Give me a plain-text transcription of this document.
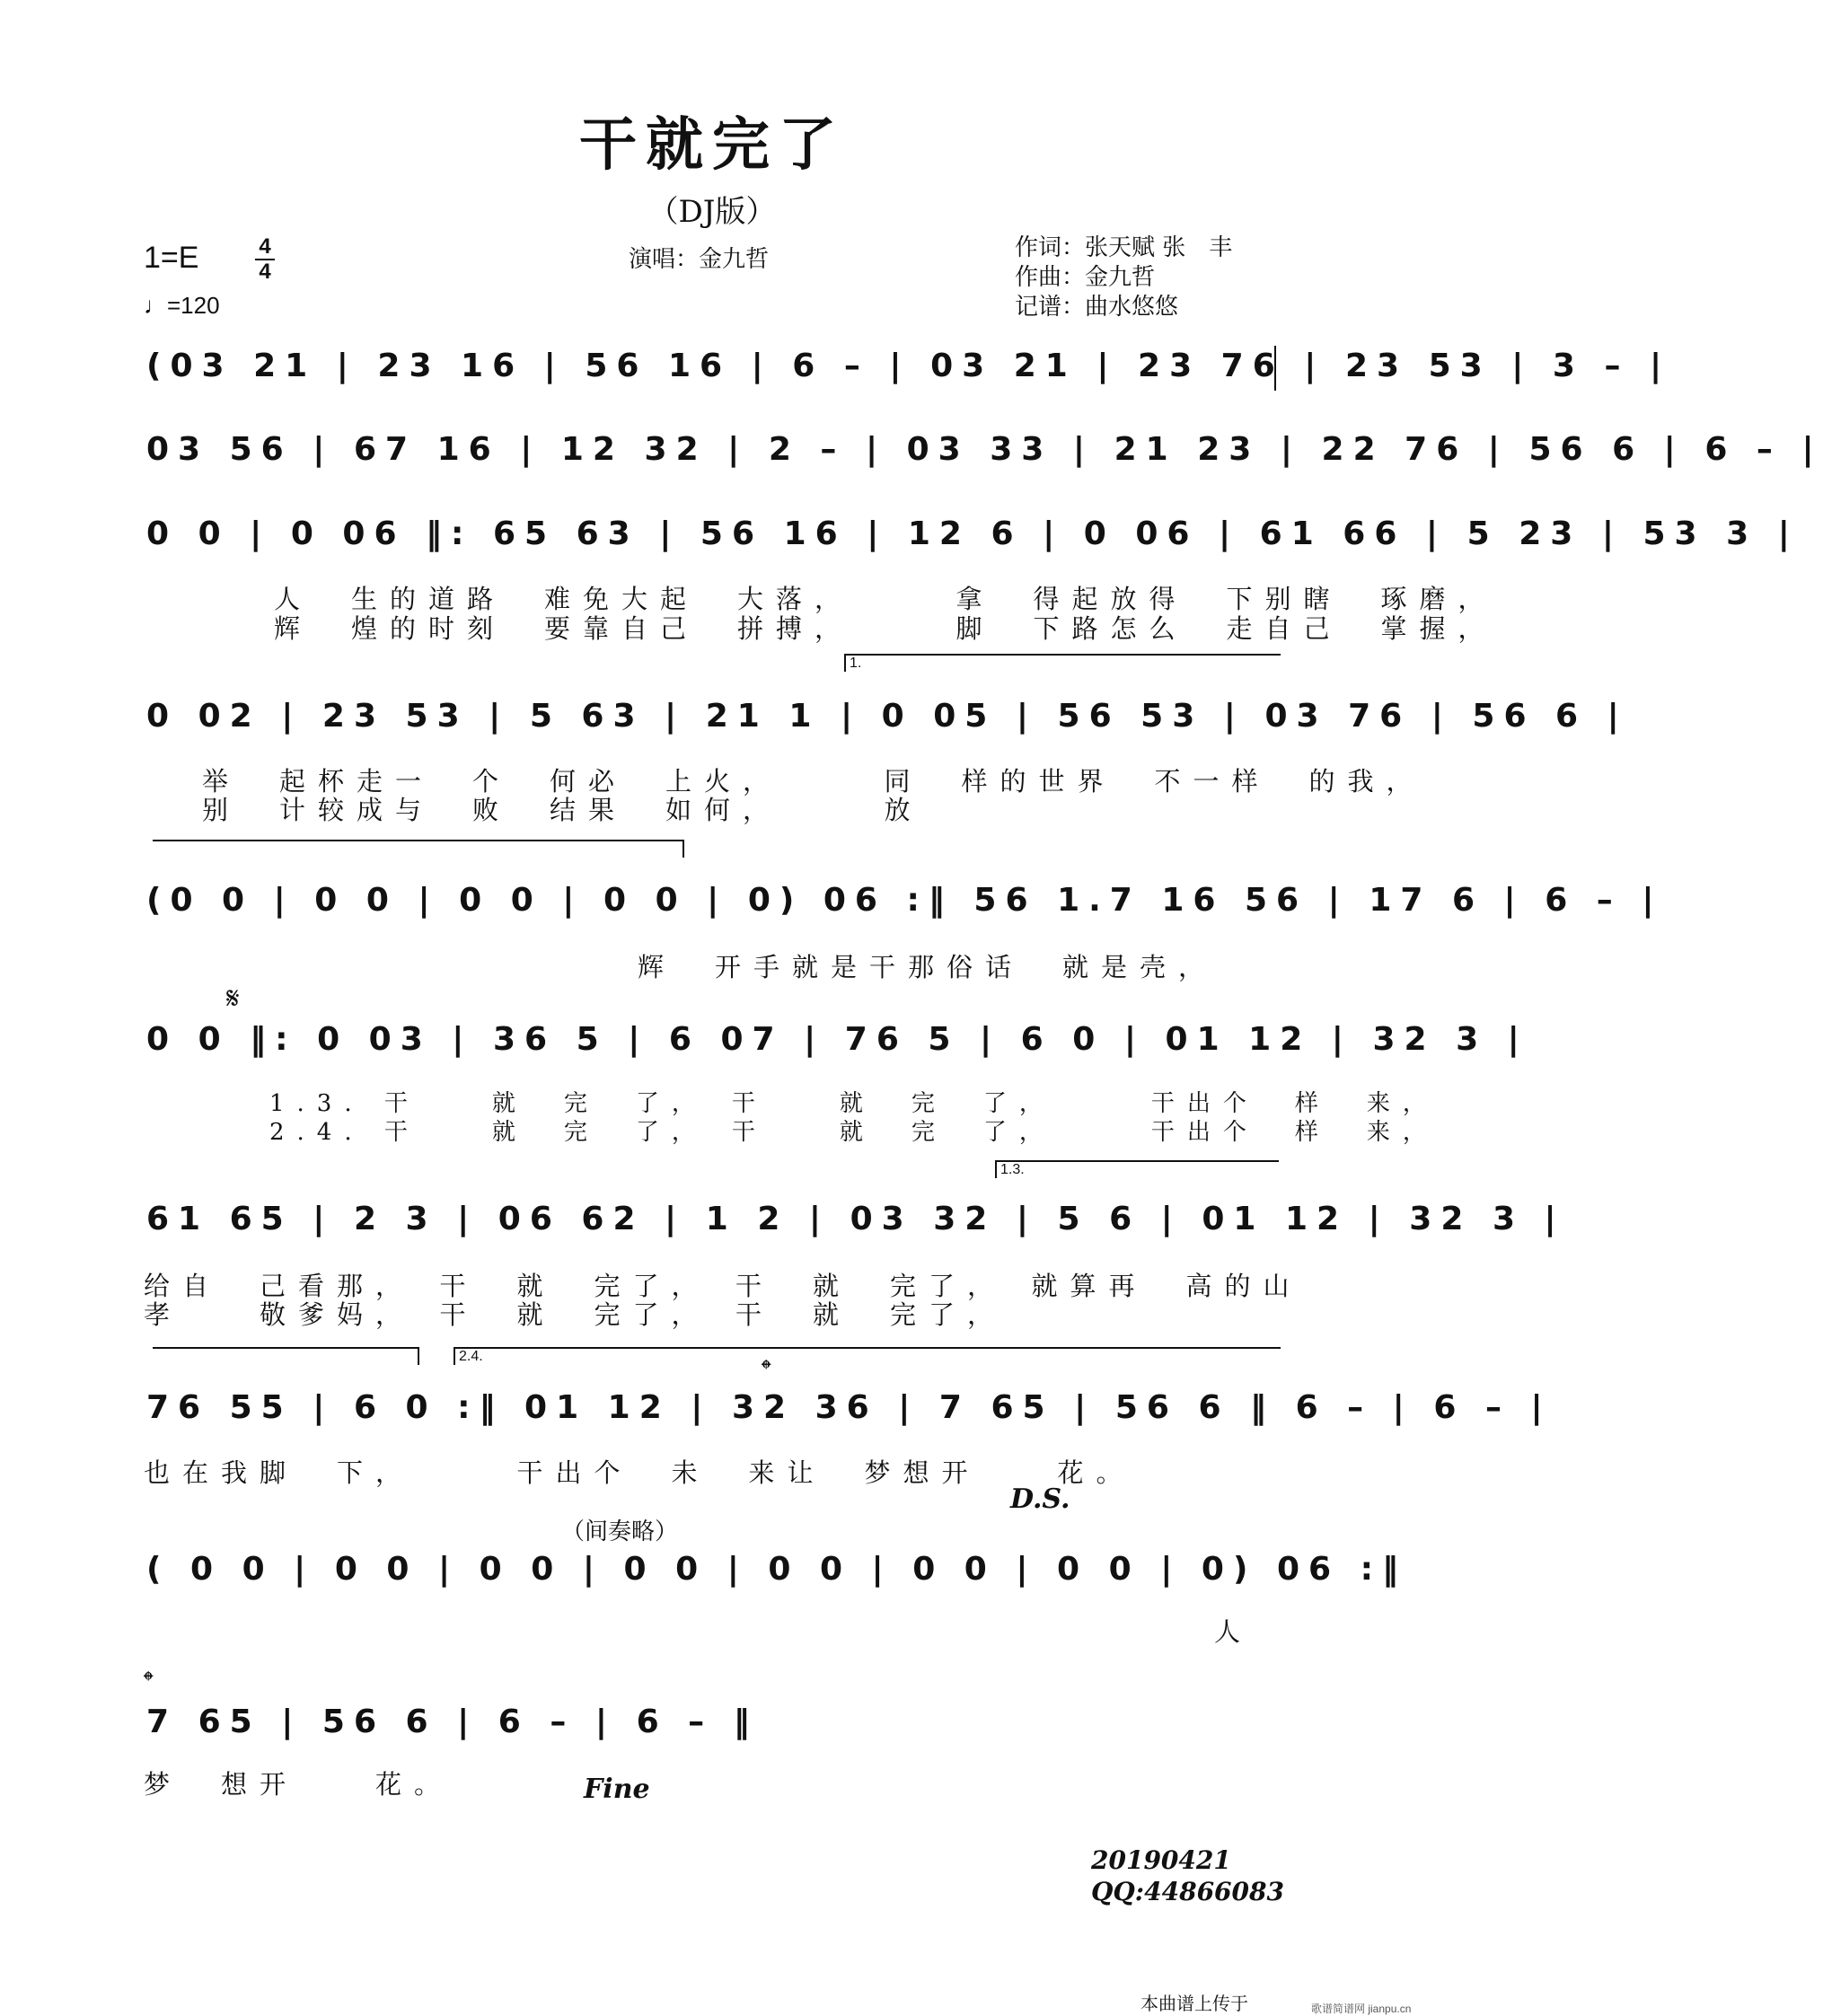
干就完了
（DJ版）
1=E	4
4
♩=120
演唱：金九哲	作词：张天赋 张　丰
作曲：金九哲
记谱：曲水悠悠
(03 21 | 23 16 | 56 16 | 6 – | 03 21 | 23 76 | 23 53 | 3 – |
03 56 | 67 16 | 12 32 | 2 – | 03 33 | 21 23 | 22 76 | 56 6 | 6 – |
0 0 | 0 06 ‖: 65 63 | 56 16 | 12 6 | 0 06 | 61 66 | 5 23 | 53 3 |
人　生的道路　难免大起　大落，　　　拿　得起放得　下别瞎　琢磨，
辉　煌的时刻　要靠自己　拼搏，　　　脚　下路怎么　走自己　掌握，
1.
0 02 | 23 53 | 5 63 | 21 1 | 0 05 | 56 53 | 03 76 | 56 6 |
举　起杯走一　个　何必　上火，　　　同　样的世界　不一样　的我，
别　计较成与　败　结果　如何，　　　放
(0 0 | 0 0 | 0 0 | 0 0 | 0) 06 :‖ 56 1.7 16 56 | 17 6 | 6 – |
辉　开手就是干那俗话　就是壳，
𝄋
0 0 ‖: 0 03 | 36 5 | 6 07 | 76 5 | 6 0 | 01 12 | 32 3 |
1.3. 干　　就　完　了，　干　　就　完　了，　　　干出个　样　来，
2.4. 干　　就　完　了，　干　　就　完　了，　　　干出个　样　来，
1.3.
61 65 | 2 3 | 06 62 | 1 2 | 03 32 | 5 6 | 01 12 | 32 3 |
给自　己看那，　干　就　完了，　干　就　完了，　就算再　高的山
孝　　敬爹妈，　干　就　完了，　干　就　完了，
2.4.	𝄌
76 55 | 6 0 :‖ 01 12 | 32 36 | 7 65 | 56 6 ‖ 6 – | 6 – |
也在我脚　下，　　　干出个　未　来让　梦想开　　花。
D.S.
（间奏略）
( 0 0 | 0 0 | 0 0 | 0 0 | 0 0 | 0 0 | 0 0 | 0) 06 :‖
人
𝄌
7 65 | 56 6 | 6 – | 6 – ‖
梦　想开　　花。	Fine
20190421
QQ:44866083
本曲谱上传于	歌谱简谱网 jianpu.cn
